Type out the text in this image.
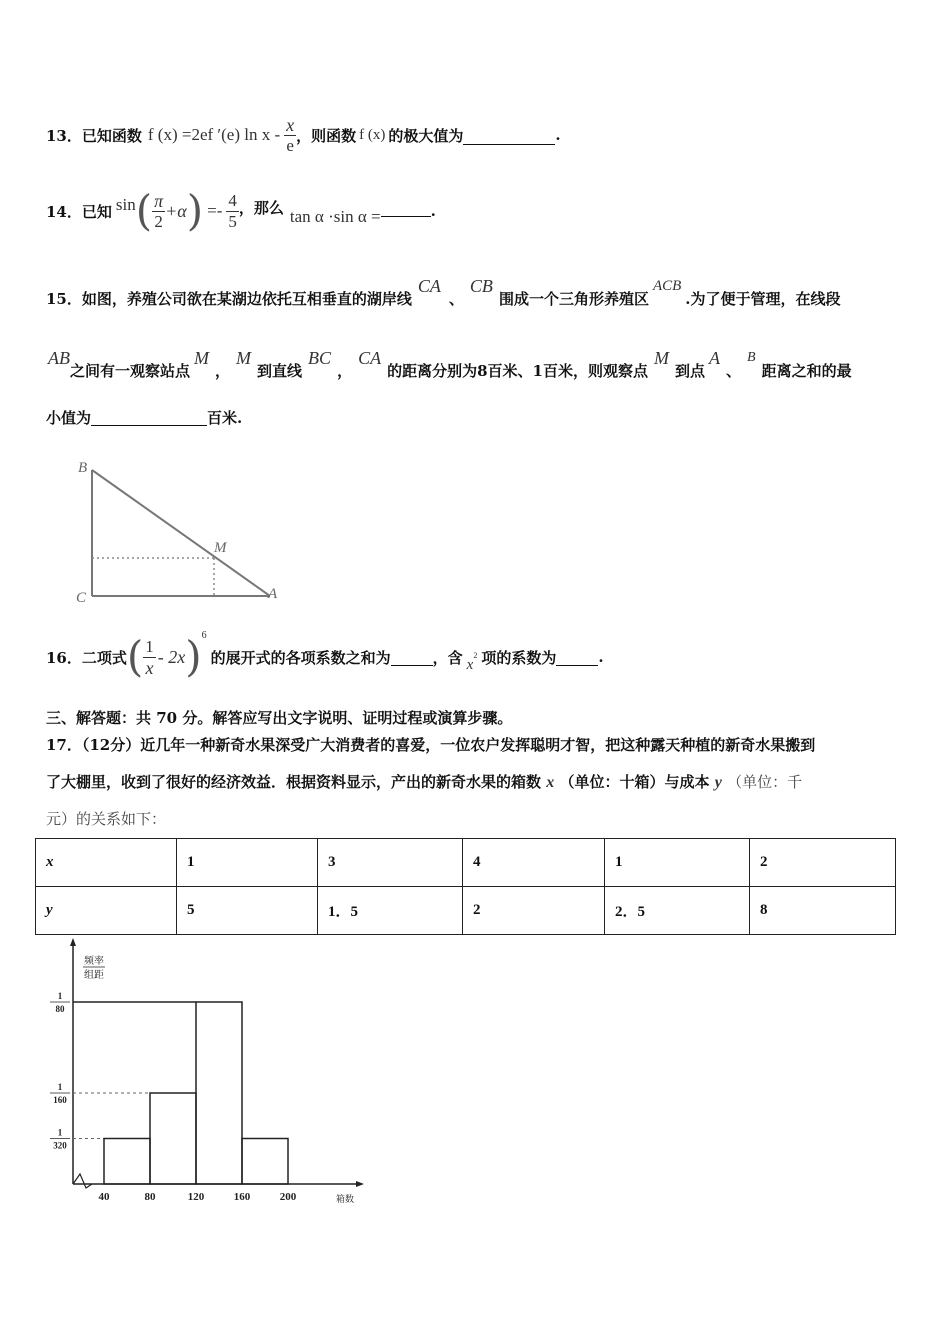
13．已知函数 f (x) =2ef ′(e) ln x - $\frac{x}{e}$ ，则函数 f (x) 的极大值为	.
14．已知 sin ( $\frac{\pi}{2} +\alpha$ ) =- $\frac{4}{5}$ ，那么 tan α ·sin α =	.
15．如图，养殖公司欲在某湖边依托互相垂直的湖岸线
CA
、
CB
围成一个三角形养殖区
ACB
.为了便于管理，在线段
AB
之间有一观察站点
M
，
M
到直线
BC
，
CA
的距离分别为8百米、1百米，则观察点
M
到点
A
、
B
距离之和的最
小值为	百米.
B
M
C	A
16．二项式 ( $\frac{1}{x} - 2x$ ) 6
的展开式的各项系数之和为	，含 x
2 项的系数为	.
三、解答题：共 70 分。解答应写出文字说明、证明过程或演算步骤。
17．（12分）近几年一种新奇水果深受广大消费者的喜爱，一位农户发挥聪明才智，把这种露天种植的新奇水果搬到
了大棚里，收到了很好的经济效益．根据资料显示，产出的新奇水果的箱数 x （单位：十箱）与成本 y （单位：千
元）的关系如下：
x	1	3	4	1	2
y	5	1．5	2	2．5	8
频率
组距
1
80
1
160
1
320
40	80	120	160	200	箱数
